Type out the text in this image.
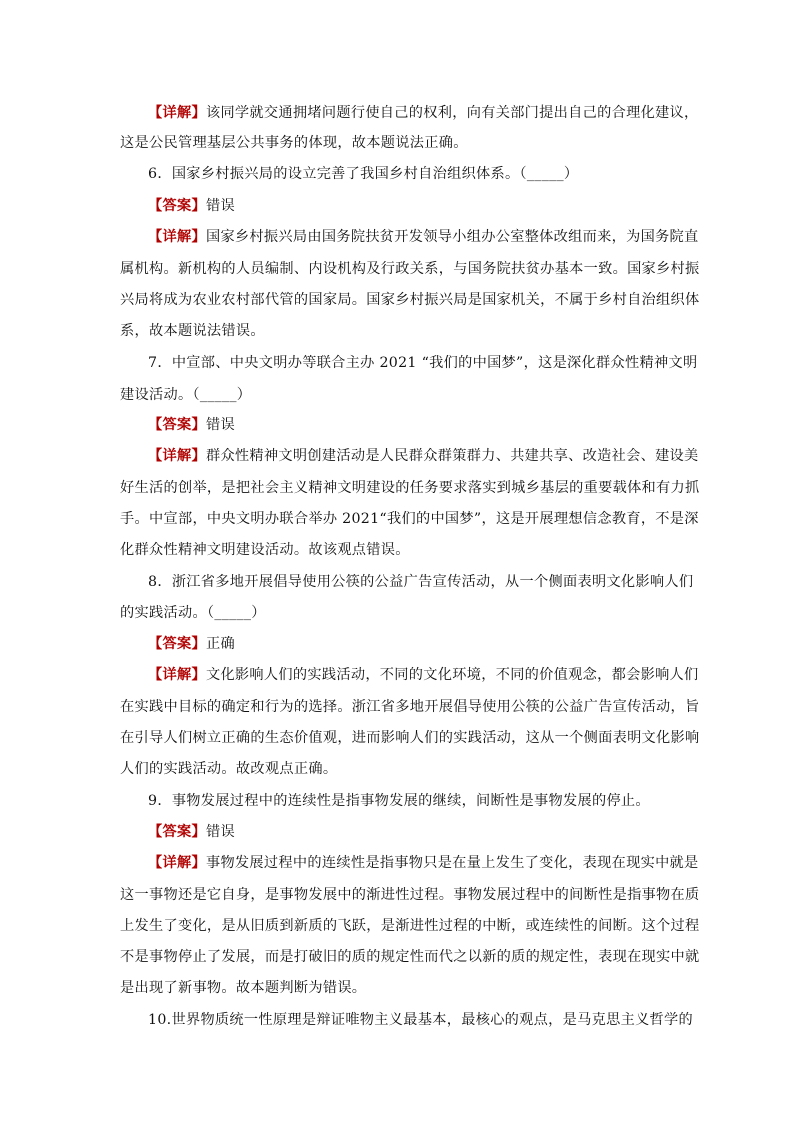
【详解】该同学就交通拥堵问题行使自己的权利，向有关部门提出自己的合理化建议，
这是公民管理基层公共事务的体现，故本题说法正确。
6．国家乡村振兴局的设立完善了我国乡村自治组织体系。（_____）
【答案】错误
【详解】国家乡村振兴局由国务院扶贫开发领导小组办公室整体改组而来，为国务院直
属机构。新机构的人员编制、内设机构及行政关系，与国务院扶贫办基本一致。国家乡村振
兴局将成为农业农村部代管的国家局。国家乡村振兴局是国家机关，不属于乡村自治组织体
系，故本题说法错误。
7．中宣部、中央文明办等联合主办 2021 “我们的中国梦”，这是深化群众性精神文明
建设活动。（_____）
【答案】错误
【详解】群众性精神文明创建活动是人民群众群策群力、共建共享、改造社会、建设美
好生活的创举，是把社会主义精神文明建设的任务要求落实到城乡基层的重要载体和有力抓
手。中宣部，中央文明办联合举办 2021“我们的中国梦”，这是开展理想信念教育，不是深
化群众性精神文明建设活动。故该观点错误。
8．浙江省多地开展倡导使用公筷的公益广告宣传活动，从一个侧面表明文化影响人们
的实践活动。（_____）
【答案】正确
【详解】文化影响人们的实践活动，不同的文化环境，不同的价值观念，都会影响人们
在实践中目标的确定和行为的选择。浙江省多地开展倡导使用公筷的公益广告宣传活动，旨
在引导人们树立正确的生态价值观，进而影响人们的实践活动，这从一个侧面表明文化影响
人们的实践活动。故改观点正确。
9．事物发展过程中的连续性是指事物发展的继续，间断性是事物发展的停止。
【答案】错误
【详解】事物发展过程中的连续性是指事物只是在量上发生了变化，表现在现实中就是
这一事物还是它自身，是事物发展中的渐进性过程。事物发展过程中的间断性是指事物在质
上发生了变化，是从旧质到新质的飞跃，是渐进性过程的中断，或连续性的间断。这个过程
不是事物停止了发展，而是打破旧的质的规定性而代之以新的质的规定性，表现在现实中就
是出现了新事物。故本题判断为错误。
10.世界物质统一性原理是辩证唯物主义最基本，最核心的观点，是马克思主义哲学的
